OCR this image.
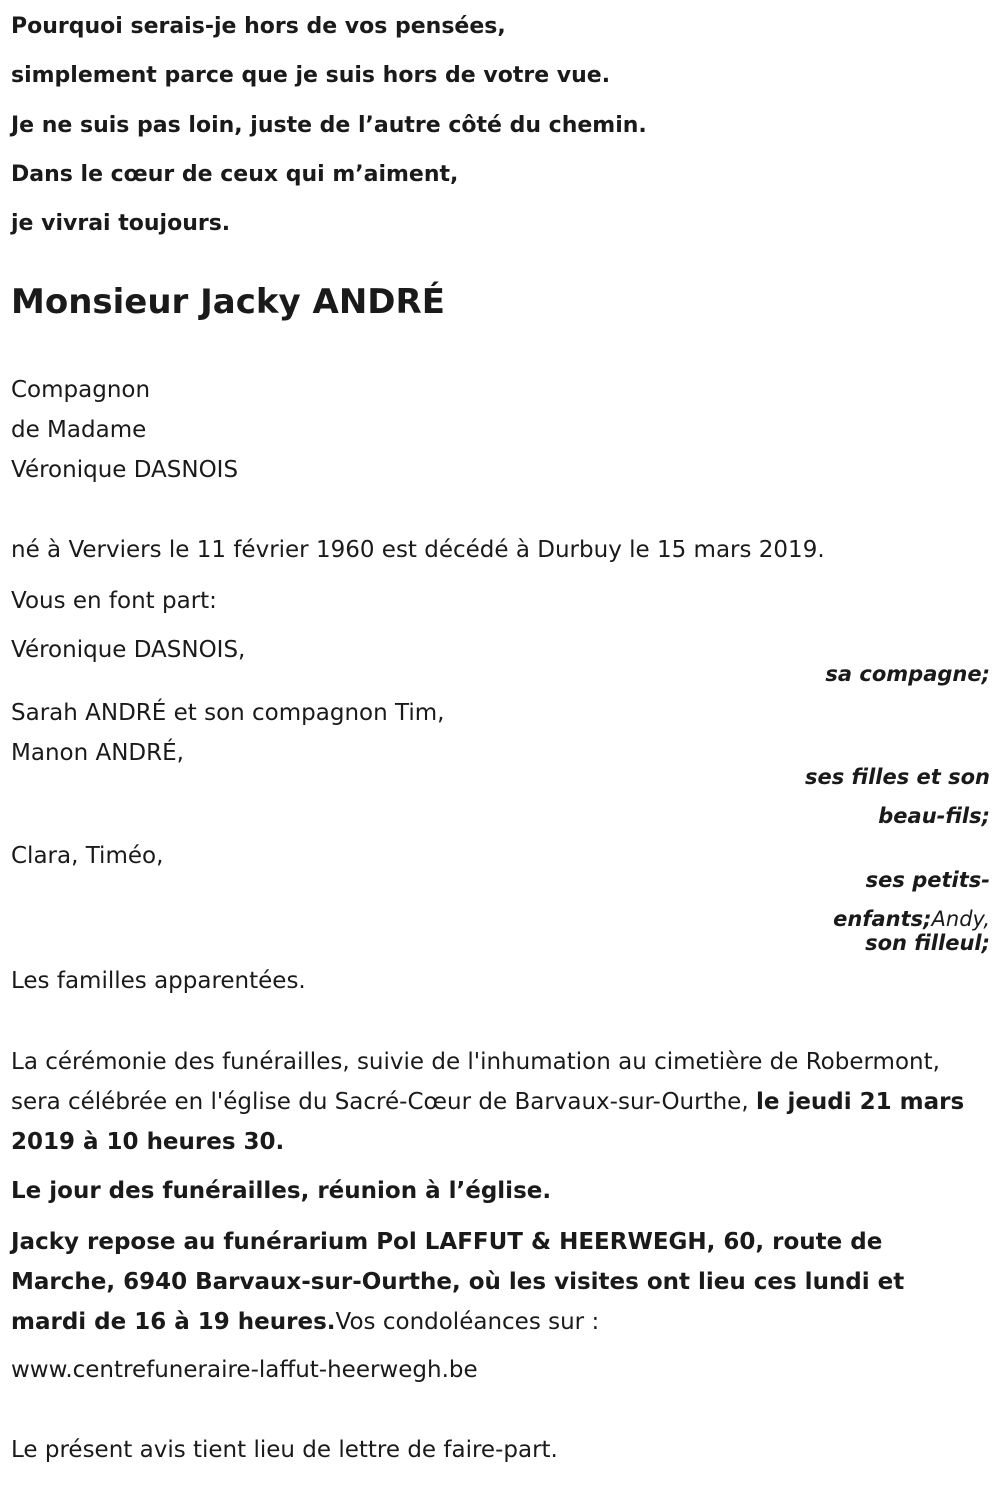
Pourquoi serais-je hors de vos pensées,
simplement parce que je suis hors de votre vue.
Je ne suis pas loin, juste de l’autre côté du chemin.
Dans le cœur de ceux qui m’aiment,
je vivrai toujours.
Monsieur Jacky ANDRÉ
Compagnon
de Madame
Véronique DASNOIS
né à Verviers le 11 février 1960 est décédé à Durbuy le 15 mars 2019.
Vous en font part:
Véronique DASNOIS,
sa compagne;
Sarah ANDRÉ et son compagnon Tim,
Manon ANDRÉ,
ses filles et son
beau-fils;
Clara, Timéo,
ses petits-
enfants;Andy,
son filleul;
Les familles apparentées.
La cérémonie des funérailles, suivie de l'inhumation au cimetière de Robermont, sera célébrée en l'église du Sacré-Cœur de Barvaux-sur-Ourthe, le jeudi 21 mars 2019 à 10 heures 30.
Le jour des funérailles, réunion à l’église.
Jacky repose au funérarium Pol LAFFUT & HEERWEGH, 60, route de Marche, 6940 Barvaux-sur-Ourthe, où les visites ont lieu ces lundi et mardi de 16 à 19 heures.Vos condoléances sur :
www.centrefuneraire-laffut-heerwegh.be
Le présent avis tient lieu de lettre de faire-part.
